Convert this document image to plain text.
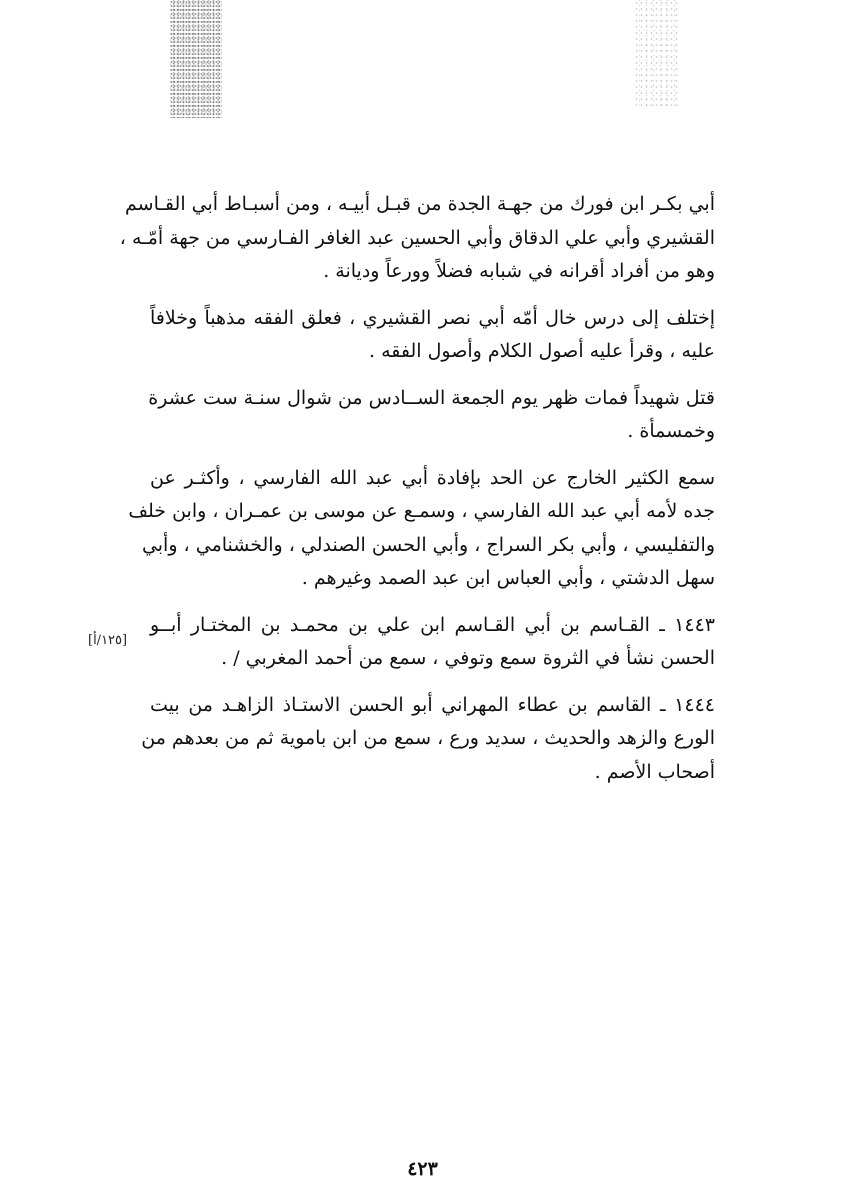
أبي بكـر ابن فورك من جهـة الجدة من قبـل أبيـه ، ومن أسبـاط أبي القـاسم
القشيري وأبي علي الدقاق وأبي الحسين عبد الغافر الفـارسي من جهة أمّـه ،
وهو من أفراد أقرانه في شبابه فضلاً وورعاً وديانة .

إختلف إلى درس خال أمّه أبي نصر القشيري ، فعلق الفقه مذهباً وخلافاً
عليه ، وقرأ عليه أصول الكلام وأصول الفقه .

قتل شهيداً فمات ظهر يوم الجمعة الســادس من شوال سنـة ست عشرة
وخمسمأة .

سمع الكثير الخارج عن الحد بإفادة أبي عبد الله الفارسي ، وأكثـر عن
جده لأمه أبي عبد الله الفارسي ، وسمـع عن موسى بن عمـران ، وابن خلف
والتفليسي ، وأبي بكر السراج ، وأبي الحسن الصندلي ، والخشنامي ، وأبي
سهل الدشتي ، وأبي العباس ابن عبد الصمد وغيرهم .

١٤٤٣ ـ القـاسم بن أبي القـاسم ابن علي بن محمـد بن المختـار أبــو
الحسن نشأ في الثروة سمع وتوفي ، سمع من أحمد المغربي / .

١٤٤٤ ـ القاسم بن عطاء المهراني أبو الحسن الاستـاذ الزاهـد من بيت
الورع والزهد والحديث ، سديد ورع ، سمع من ابن باموية ثم من بعدهم من
أصحاب الأصم .

[١٢٥/أ]
٤٢٣
